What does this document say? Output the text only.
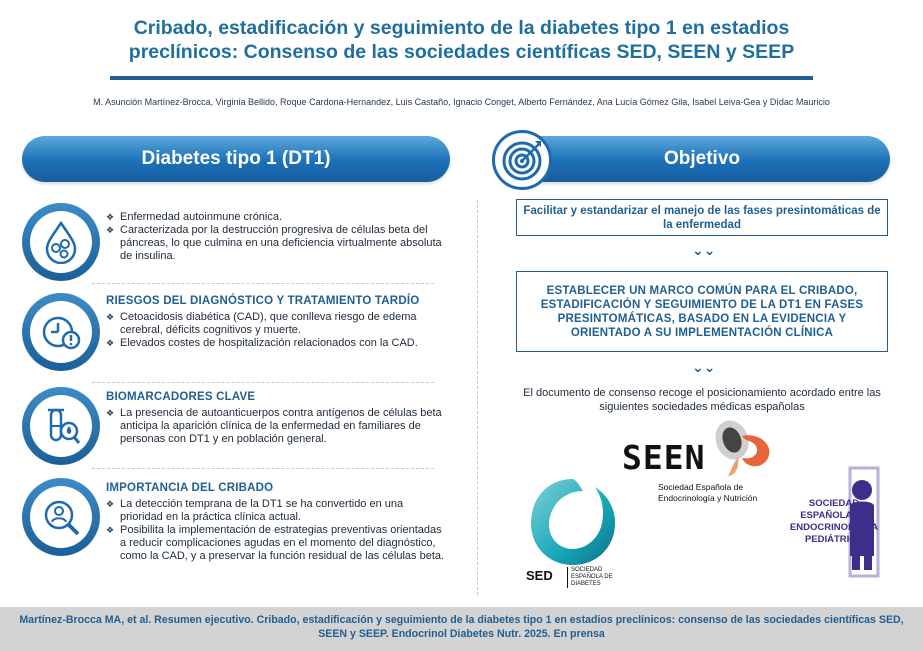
Cribado, estadificación y seguimiento de la diabetes tipo 1 en estadios
preclínicos: Consenso de las sociedades científicas SED, SEEN y SEEP
M. Asunción Martínez-Brocca, Virginia Bellido, Roque Cardona-Hernandez, Luis Castaño, Ignacio Conget, Alberto Fernández, Ana Lucía Gómez Gila, Isabel Leiva-Gea y Dídac Mauricio
Diabetes tipo 1 (DT1)	Objetivo
❖ Enfermedad autoinmune crónica.
❖ Caracterizada por la destrucción progresiva de células beta del páncreas, lo que culmina en una deficiencia virtualmente absoluta de insulina.
RIESGOS DEL DIAGNÓSTICO Y TRATAMIENTO TARDÍO
❖ Cetoacidosis diabética (CAD), que conlleva riesgo de edema cerebral, déficits cognitivos y muerte.
❖ Elevados costes de hospitalización relacionados con la CAD.
BIOMARCADORES CLAVE
❖ La presencia de autoanticuerpos contra antígenos de células beta anticipa la aparición clínica de la enfermedad en familiares de personas con DT1 y en población general.
IMPORTANCIA DEL CRIBADO
❖ La detección temprana de la DT1 se ha convertido en una prioridad en la práctica clínica actual.
❖ Posibilita la implementación de estrategias preventivas orientadas a reducir complicaciones agudas en el momento del diagnóstico, como la CAD, y a preservar la función residual de las células beta.
Facilitar y estandarizar el manejo de las fases presintomáticas de la enfermedad
⌄⌄
ESTABLECER UN MARCO COMÚN PARA EL CRIBADO, ESTADIFICACIÓN Y SEGUIMIENTO DE LA DT1 EN FASES PRESINTOMÁTICAS, BASADO EN LA EVIDENCIA Y ORIENTADO A SU IMPLEMENTACIÓN CLÍNICA
⌄⌄
El documento de consenso recoge el posicionamiento acordado entre las siguientes sociedades médicas españolas
SEEN
Sociedad Española de
Endocrinología y Nutrición
SED	SOCIEDAD ESPAÑOLA DE DIABETES
SOCIEDAD
ESPAÑOLA DE
ENDOCRINOLOGÍA
PEDIÁTRICA
Martínez-Brocca MA, et al. Resumen ejecutivo. Cribado, estadificación y seguimiento de la diabetes tipo 1 en estadios preclínicos: consenso de las sociedades científicas SED, SEEN y SEEP. Endocrinol Diabetes Nutr. 2025. En prensa
